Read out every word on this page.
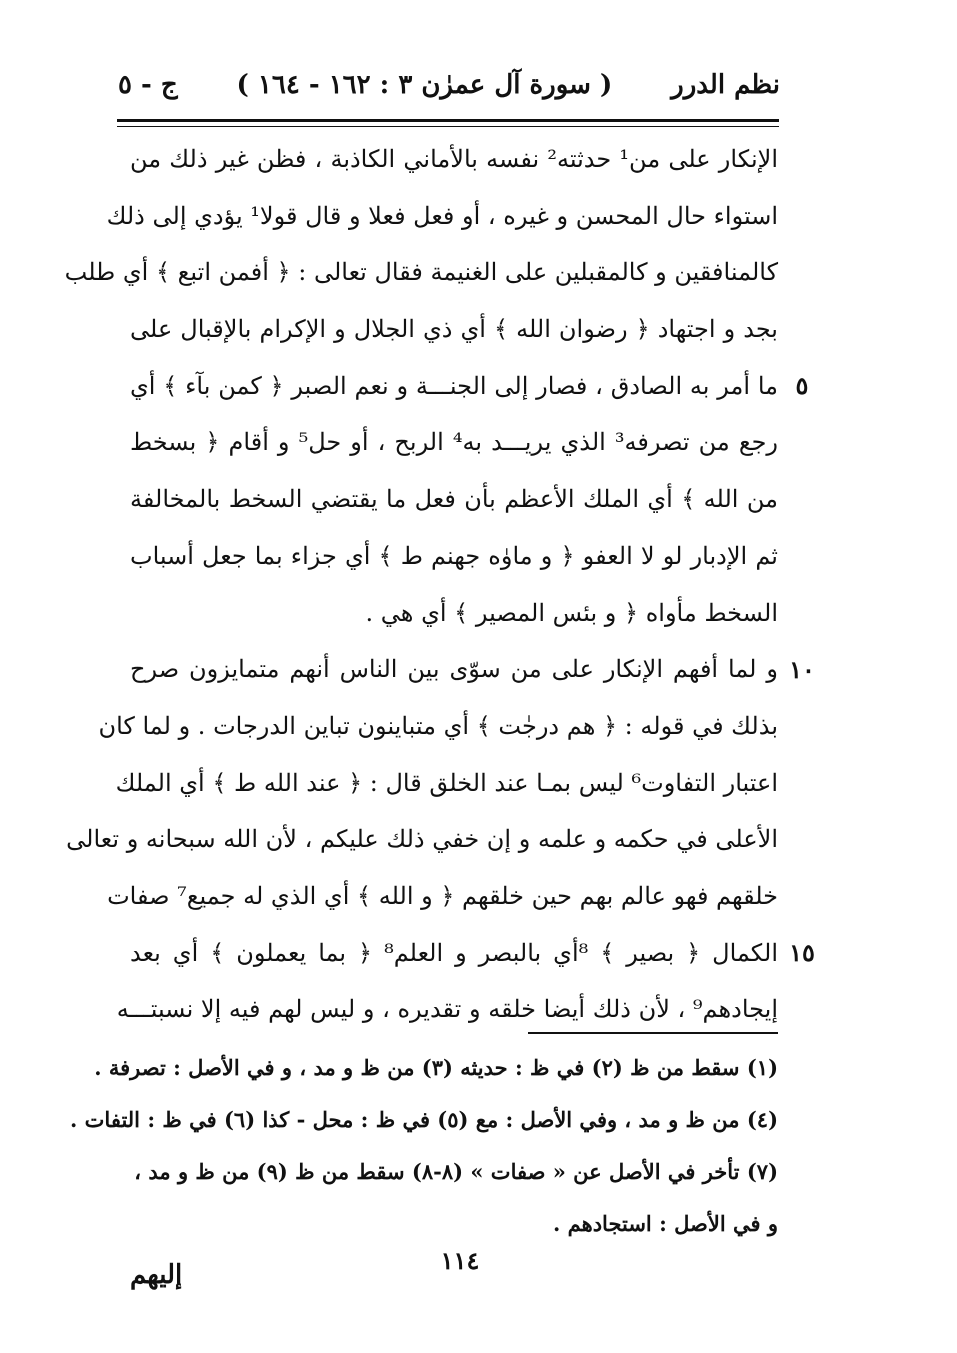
نظم الدرر
( سورة آل عمرٰن ٣ : ١٦٢ - ١٦٤ )
ج - ٥
الإنكار على من¹ حدثته² نفسه بالأماني الكاذبة ، فظن غير ذلك من
استواء حال المحسن و غيره ، أو فعل فعلا و قال قولا¹ يؤدي إلى ذلك
كالمنافقين و كالمقبلين على الغنيمة فقال تعالى : ﴿ أفمن اتبع ﴾ أي طلب
بجد و اجتهاد ﴿ رضوان الله ﴾ أي ذي الجلال و الإكرام بالإقبال على
ما أمر به الصادق ، فصار إلى الجنـــة و نعم الصبر ﴿ كمن بآء ﴾ أي
رجع من تصرفه³ الذي يريـــد به⁴ الربح ، أو حل⁵ و أقام ﴿ بسخط
من الله ﴾ أي الملك الأعظم بأن فعل ما يقتضي السخط بالمخالفة
ثم الإدبار لو لا العفو ﴿ و ماوٰه جهنم ط ﴾ أي جزاء بما جعل أسباب
السخط مأواه ﴿ و بئس المصير ﴾ أي هي .
و لما أفهم الإنكار على من سوّى بين الناس أنهم متمايزون صرح
بذلك في قوله : ﴿ هم درجٰت ﴾ أي متباينون تباين الدرجات . و لما كان
اعتبار التفاوت⁶ ليس بمـا عند الخلق قال : ﴿ عند الله ط ﴾ أي الملك
الأعلى في حكمه و علمه و إن خفي ذلك عليكم ، لأن الله سبحانه و تعالى
خلقهم فهو عالم بهم حين خلقهم ﴿ و الله ﴾ أي الذي له جميع⁷ صفات
الكمال ﴿ بصير ﴾ ⁸أي بالبصر و العلم⁸ ﴿ بما يعملون ﴾ أي بعد
إيجادهم⁹ ، لأن ذلك أيضا خلقه و تقديره ، و ليس لهم فيه إلا نسبتـــه
٥
١٠
١٥
(١) سقط من ظ (٢) في ظ : حديثه (٣) من ظ و مد ، و في الأصل : تصرفة .
(٤) من ظ و مد ، وفي الأصل : مع (٥) في ظ : محل - كذا (٦) في ظ : التفات .
(٧) تأخر في الأصل عن « صفات » (٨-٨) سقط من ظ (٩) من ظ و مد ،
و في الأصل : استجادهم .
١١٤
إليهم
